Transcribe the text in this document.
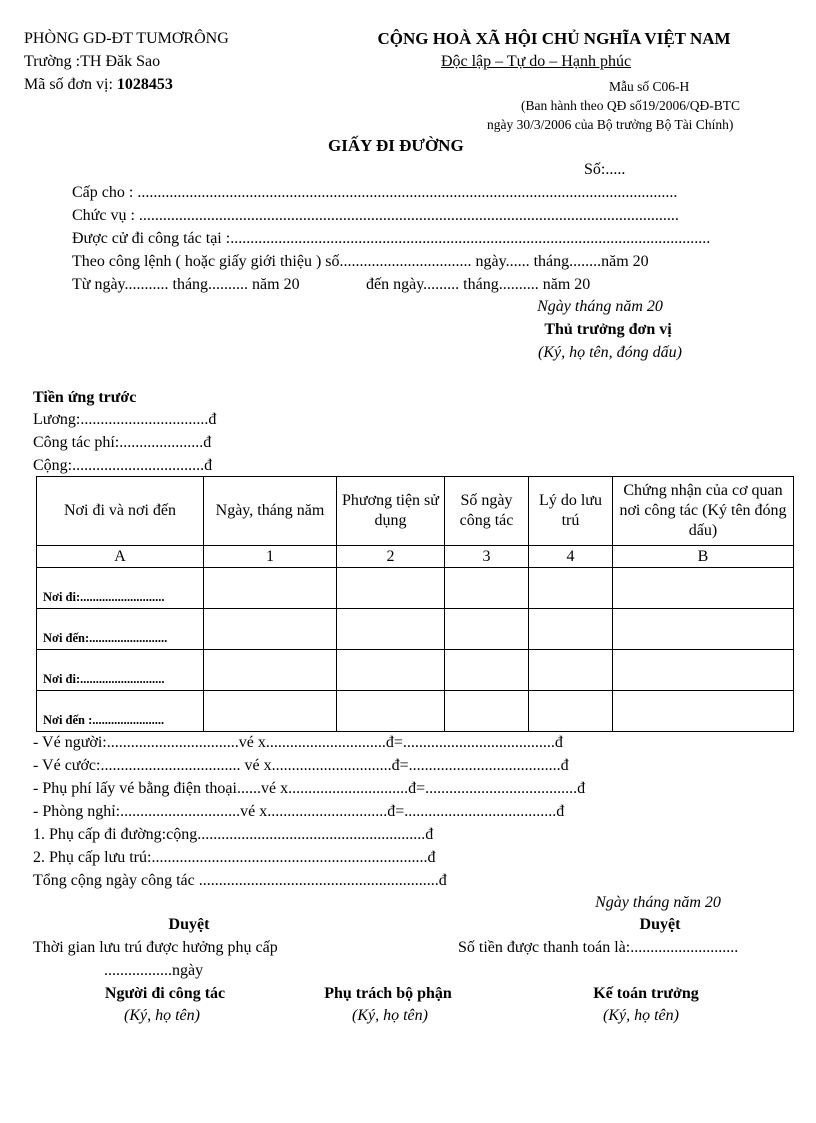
PHÒNG GD-ĐT TUMƠRÔNG
Trường :TH Đăk Sao
Mã số đơn vị: 1028453
CỘNG HOÀ XÃ HỘI CHỦ NGHĨA VIỆT NAM
Độc lập – Tự do – Hạnh phúc
Mẫu số C06-H
(Ban hành theo QĐ số19/2006/QĐ-BTC
ngày 30/3/2006 của Bộ trưởng Bộ Tài Chính)
GIẤY ĐI ĐƯỜNG
Số:.....
Cấp cho : .......................................................................................................................................
Chức vụ : .......................................................................................................................................
Được cử đi công tác tại :........................................................................................................................
Theo công lệnh ( hoặc giấy giới thiệu ) số................................. ngày...... tháng........năm 20
Từ ngày........... tháng.......... năm 20	đến ngày......... tháng.......... năm 20
Ngày tháng năm 20
Thủ trưởng đơn vị
(Ký, họ tên, đóng dấu)
Tiền ứng trước
Lương:................................đ
Công tác phí:.....................đ
Cộng:.................................đ
Nơi đi và nơi đến	Ngày, tháng năm	Phương tiện sử dụng	Số ngày công tác	Lý do lưu trú	Chứng nhận của cơ quan nơi công tác (Ký tên đóng dấu)
A	1	2	3	4	B
Nơi đi:...........................					
Nơi đến:.........................					
Nơi đi:...........................					
Nơi đến :.......................					
- Vé người:.................................vé x..............................đ=......................................đ
- Vé cước:................................... vé x..............................đ=......................................đ
- Phụ phí lấy vé bằng điện thoại......vé x..............................đ=......................................đ
- Phòng nghỉ:..............................vé x..............................đ=......................................đ
1. Phụ cấp đi đường:cộng.........................................................đ
2. Phụ cấp lưu trú:.....................................................................đ
Tổng cộng ngày công tác ............................................................đ
Ngày tháng năm 20
Duyệt	Duyệt
Thời gian lưu trú được hưởng phụ cấp	Số tiền được thanh toán là:...........................
.................ngày
Người đi công tác
(Ký, họ tên)
Phụ trách bộ phận
(Ký, họ tên)
Kế toán trưởng
(Ký, họ tên)
